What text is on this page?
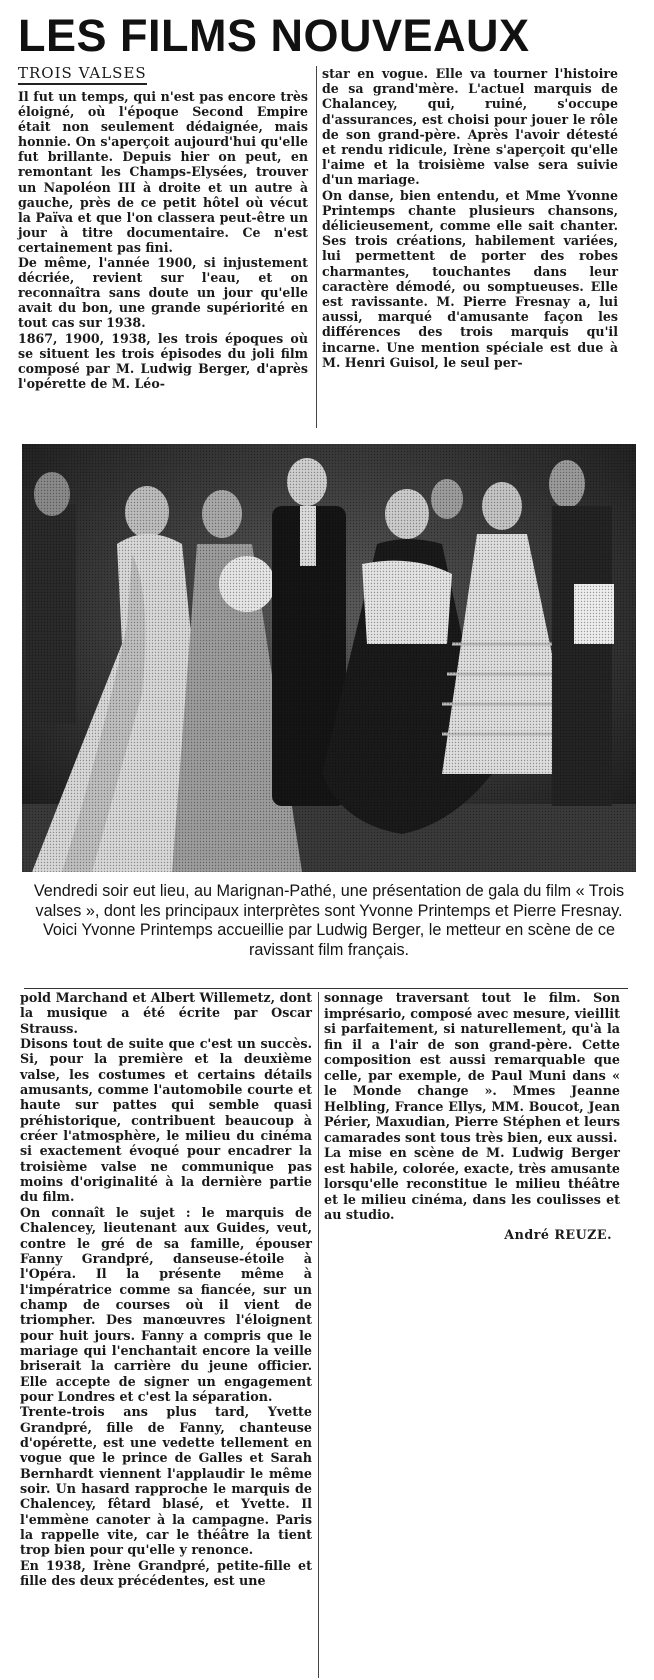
LES FILMS NOUVEAUX
TROIS VALSES

Il fut un temps, qui n'est pas encore très éloigné, où l'époque Second Empire était non seulement dédaignée, mais honnie. On s'aperçoit aujourd'hui qu'elle fut brillante. Depuis hier on peut, en remontant les Champs-Elysées, trouver un Napoléon III à droite et un autre à gauche, près de ce petit hôtel où vécut la Païva et que l'on classera peut-être un jour à titre documentaire. Ce n'est certainement pas fini.

De même, l'année 1900, si injustement décriée, revient sur l'eau, et on reconnaîtra sans doute un jour qu'elle avait du bon, une grande supériorité en tout cas sur 1938.

1867, 1900, 1938, les trois époques où se situent les trois épisodes du joli film composé par M. Ludwig Berger, d'après l'opérette de M. Léo-

star en vogue. Elle va tourner l'histoire de sa grand'mère. L'actuel marquis de Chalancey, qui, ruiné, s'occupe d'assurances, est choisi pour jouer le rôle de son grand-père. Après l'avoir détesté et rendu ridicule, Irène s'aperçoit qu'elle l'aime et la troisième valse sera suivie d'un mariage.

On danse, bien entendu, et Mme Yvonne Printemps chante plusieurs chansons, délicieusement, comme elle sait chanter. Ses trois créations, habilement variées, lui permettent de porter des robes charmantes, touchantes dans leur caractère démodé, ou somptueuses. Elle est ravissante. M. Pierre Fresnay a, lui aussi, marqué d'amusante façon les différences des trois marquis qu'il incarne. Une mention spéciale est due à M. Henri Guisol, le seul per-

Vendredi soir eut lieu, au Marignan-Pathé, une présentation de gala du film « Trois valses », dont les principaux interprètes sont Yvonne Printemps et Pierre Fresnay. Voici Yvonne Printemps accueillie par Ludwig Berger, le metteur en scène de ce ravissant film français.

pold Marchand et Albert Willemetz, dont la musique a été écrite par Oscar Strauss.

Disons tout de suite que c'est un succès. Si, pour la première et la deuxième valse, les costumes et certains détails amusants, comme l'automobile courte et haute sur pattes qui semble quasi préhistorique, contribuent beaucoup à créer l'atmosphère, le milieu du cinéma si exactement évoqué pour encadrer la troisième valse ne communique pas moins d'originalité à la dernière partie du film.

On connaît le sujet : le marquis de Chalencey, lieutenant aux Guides, veut, contre le gré de sa famille, épouser Fanny Grandpré, danseuse-étoile à l'Opéra. Il la présente même à l'impératrice comme sa fiancée, sur un champ de courses où il vient de triompher. Des manœuvres l'éloignent pour huit jours. Fanny a compris que le mariage qui l'enchantait encore la veille briserait la carrière du jeune officier. Elle accepte de signer un engagement pour Londres et c'est la séparation.

Trente-trois ans plus tard, Yvette Grandpré, fille de Fanny, chanteuse d'opérette, est une vedette tellement en vogue que le prince de Galles et Sarah Bernhardt viennent l'applaudir le même soir. Un hasard rapproche le marquis de Chalencey, fêtard blasé, et Yvette. Il l'emmène canoter à la campagne. Paris la rappelle vite, car le théâtre la tient trop bien pour qu'elle y renonce.

En 1938, Irène Grandpré, petite-fille et fille des deux précédentes, est une

sonnage traversant tout le film. Son imprésario, composé avec mesure, vieillit si parfaitement, si naturellement, qu'à la fin il a l'air de son grand-père. Cette composition est aussi remarquable que celle, par exemple, de Paul Muni dans « le Monde change ». Mmes Jeanne Helbling, France Ellys, MM. Boucot, Jean Périer, Maxudian, Pierre Stéphen et leurs camarades sont tous très bien, eux aussi.

La mise en scène de M. Ludwig Berger est habile, colorée, exacte, très amusante lorsqu'elle reconstitue le milieu théâtre et le milieu cinéma, dans les coulisses et au studio.

André REUZE.
